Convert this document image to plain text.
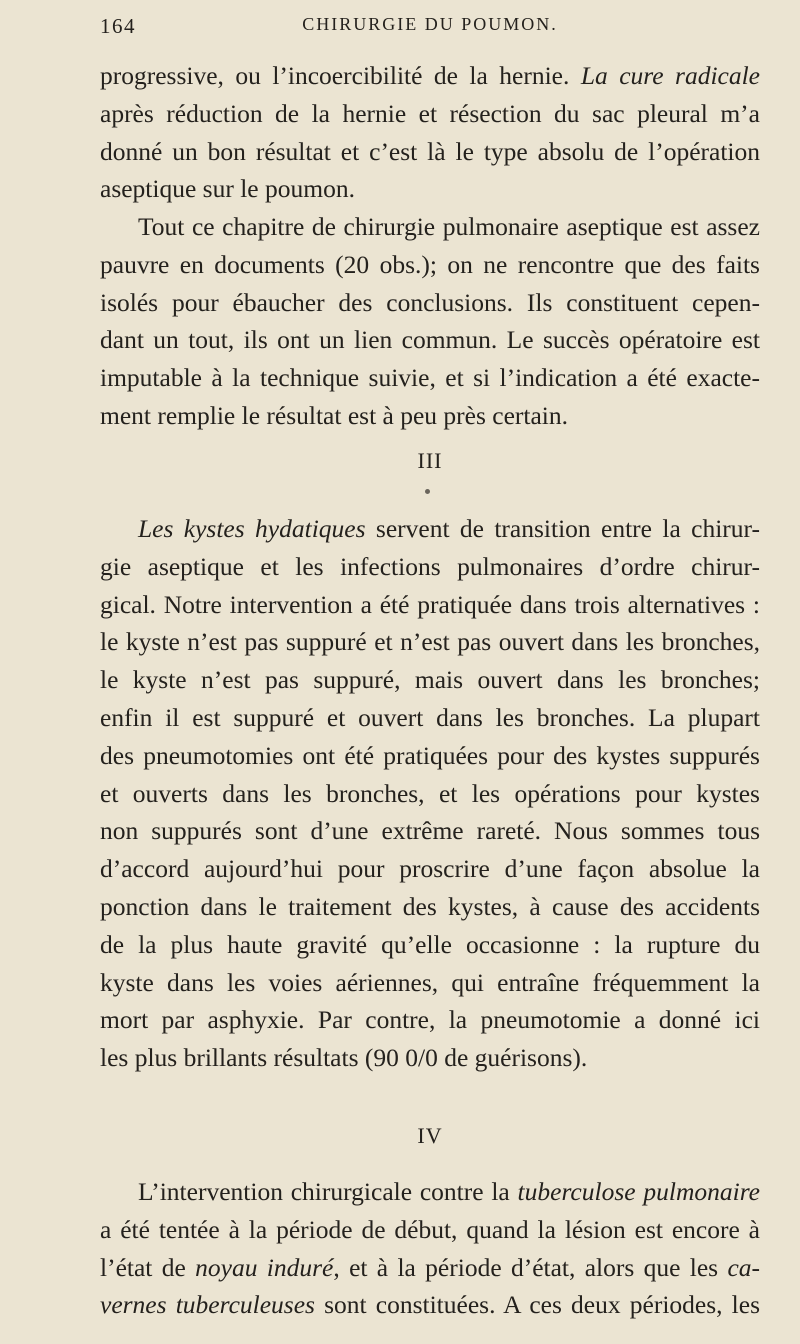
164	CHIRURGIE DU POUMON.
progressive, ou l’incoercibilité de la hernie. La cure radicale
après réduction de la hernie et résection du sac pleural m’a
donné un bon résultat et c’est là le type absolu de l’opération
aseptique sur le poumon.
Tout ce chapitre de chirurgie pulmonaire aseptique est assez
pauvre en documents (20 obs.); on ne rencontre que des faits
isolés pour ébaucher des conclusions. Ils constituent cepen-
dant un tout, ils ont un lien commun. Le succès opératoire est
imputable à la technique suivie, et si l’indication a été exacte-
ment remplie le résultat est à peu près certain.
III
Les kystes hydatiques servent de transition entre la chirur-
gie aseptique et les infections pulmonaires d’ordre chirur-
gical. Notre intervention a été pratiquée dans trois alternatives :
le kyste n’est pas suppuré et n’est pas ouvert dans les bronches,
le kyste n’est pas suppuré, mais ouvert dans les bronches;
enfin il est suppuré et ouvert dans les bronches. La plupart
des pneumotomies ont été pratiquées pour des kystes suppurés
et ouverts dans les bronches, et les opérations pour kystes
non suppurés sont d’une extrême rareté. Nous sommes tous
d’accord aujourd’hui pour proscrire d’une façon absolue la
ponction dans le traitement des kystes, à cause des accidents
de la plus haute gravité qu’elle occasionne : la rupture du
kyste dans les voies aériennes, qui entraîne fréquemment la
mort par asphyxie. Par contre, la pneumotomie a donné ici
les plus brillants résultats (90 0/0 de guérisons).
IV
L’intervention chirurgicale contre la tuberculose pulmonaire
a été tentée à la période de début, quand la lésion est encore à
l’état de noyau induré, et à la période d’état, alors que les ca-
vernes tuberculeuses sont constituées. A ces deux périodes, les
